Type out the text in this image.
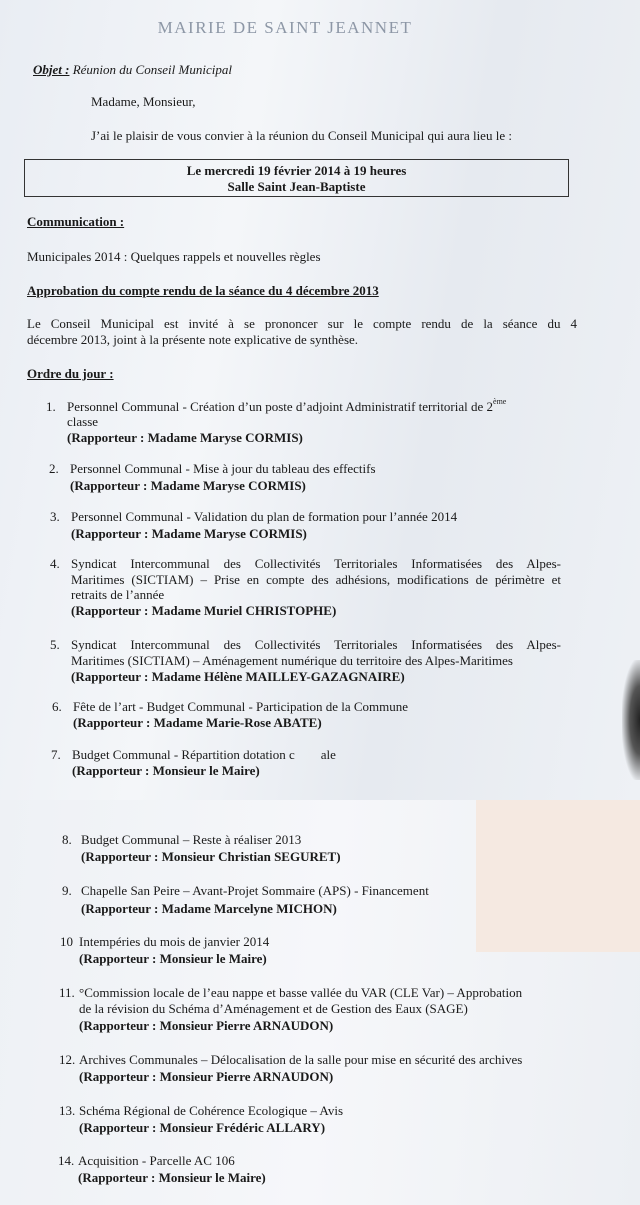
MAIRIE DE SAINT JEANNET
Objet : Réunion du Conseil Municipal
Madame, Monsieur,
J’ai le plaisir de vous convier à la réunion du Conseil Municipal qui aura lieu le :
Le mercredi 19 février 2014 à 19 heures
Salle Saint Jean-Baptiste
Communication :
Municipales 2014 : Quelques rappels et nouvelles règles
Approbation du compte rendu de la séance du 4 décembre 2013
Le Conseil Municipal est invité à se prononcer sur le compte rendu de la séance du 4
décembre 2013, joint à la présente note explicative de synthèse.
Ordre du jour :
1. Personnel Communal - Création d’un poste d’adjoint Administratif territorial de 2ème
classe
(Rapporteur : Madame Maryse CORMIS)
2. Personnel Communal - Mise à jour du tableau des effectifs
(Rapporteur : Madame Maryse CORMIS)
3. Personnel Communal - Validation du plan de formation pour l’année 2014
(Rapporteur : Madame Maryse CORMIS)
4. Syndicat Intercommunal des Collectivités Territoriales Informatisées des Alpes-
Maritimes (SICTIAM) – Prise en compte des adhésions, modifications de périmètre et
retraits de l’année
(Rapporteur : Madame Muriel CHRISTOPHE)
5. Syndicat Intercommunal des Collectivités Territoriales Informatisées des Alpes-
Maritimes (SICTIAM) – Aménagement numérique du territoire des Alpes-Maritimes
(Rapporteur : Madame Hélène MAILLEY-GAZAGNAIRE)
6. Fête de l’art - Budget Communal - Participation de la Commune
(Rapporteur : Madame Marie-Rose ABATE)
7. Budget Communal - Répartition dotation c        ale
(Rapporteur : Monsieur le Maire)
8. Budget Communal – Reste à réaliser 2013
(Rapporteur : Monsieur Christian SEGURET)
9. Chapelle San Peire – Avant-Projet Sommaire (APS) - Financement
(Rapporteur : Madame Marcelyne MICHON)
10 Intempéries du mois de janvier 2014
(Rapporteur : Monsieur le Maire)
11. °Commission locale de l’eau nappe et basse vallée du VAR (CLE Var) – Approbation
de la révision du Schéma d’Aménagement et de Gestion des Eaux (SAGE)
(Rapporteur : Monsieur Pierre ARNAUDON)
12. Archives Communales – Délocalisation de la salle pour mise en sécurité des archives
(Rapporteur : Monsieur Pierre ARNAUDON)
13. Schéma Régional de Cohérence Ecologique – Avis
(Rapporteur : Monsieur Frédéric ALLARY)
14. Acquisition - Parcelle AC 106
(Rapporteur : Monsieur le Maire)
